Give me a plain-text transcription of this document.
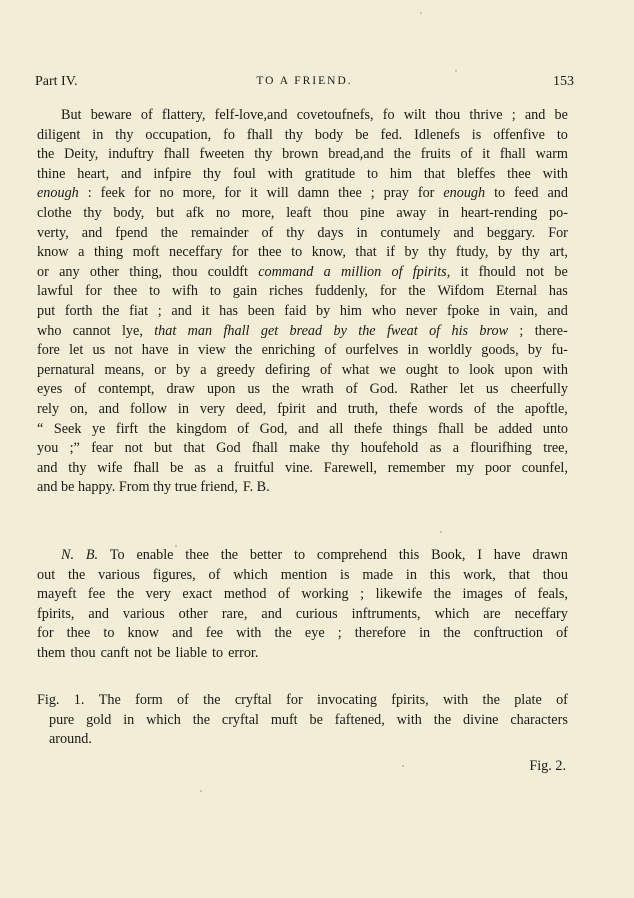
Part IV.	TO A FRIEND.	153
But beware of flattery, felf-love,and covetoufnefs, fo wilt thou thrive ; and be
diligent in thy occupation, fo fhall thy body be fed. Idlenefs is offenfive to
the Deity, induftry fhall fweeten thy brown bread,and the fruits of it fhall warm
thine heart, and infpire thy foul with gratitude to him that bleffes thee with
enough : feek for no more, for it will damn thee ; pray for enough to feed and
clothe thy body, but afk no more, leaft thou pine away in heart-rending po-
verty, and fpend the remainder of thy days in contumely and beggary. For
know a thing moft neceffary for thee to know, that if by thy ftudy, by thy art,
or any other thing, thou couldft command a million of fpirits, it fhould not be
lawful for thee to wifh to gain riches fuddenly, for the Wifdom Eternal has
put forth the fiat ; and it has been faid by him who never fpoke in vain, and
who cannot lye, that man fhall get bread by the fweat of his brow ; there-
fore let us not have in view the enriching of ourfelves in worldly goods, by fu-
pernatural means, or by a greedy defiring of what we ought to look upon with
eyes of contempt, draw upon us the wrath of God. Rather let us cheerfully
rely on, and follow in very deed, fpirit and truth, thefe words of the apoftle,
“ Seek ye firft the kingdom of God, and all thefe things fhall be added unto
you ;” fear not but that God fhall make thy houfehold as a flourifhing tree,
and thy wife fhall be as a fruitful vine. Farewell, remember my poor counfel,
and be happy. From thy true friend, F. B.
N. B. To enable thee the better to comprehend this Book, I have drawn
out the various figures, of which mention is made in this work, that thou
mayeft fee the very exact method of working ; likewife the images of feals,
fpirits, and various other rare, and curious inftruments, which are neceffary
for thee to know and fee with the eye ; therefore in the conftruction of
them thou canft not be liable to error.
Fig. 1. The form of the cryftal for invocating fpirits, with the plate of
pure gold in which the cryftal muft be faftened, with the divine characters
around.
Fig. 2.
